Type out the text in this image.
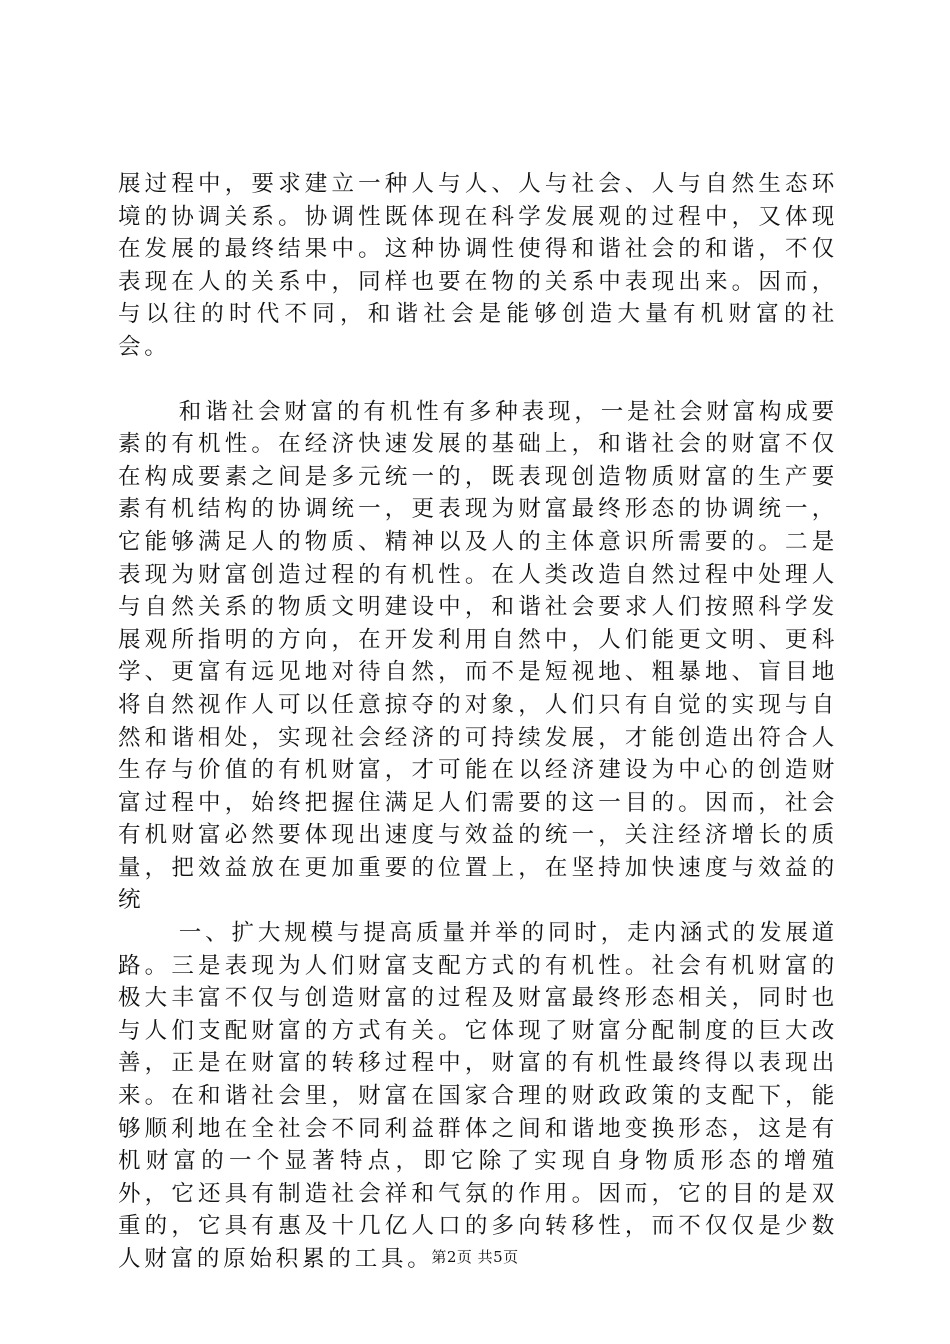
展过程中，要求建立一种人与人、人与社会、人与自然生态环境的协调关系。协调性既体现在科学发展观的过程中，又体现在发展的最终结果中。这种协调性使得和谐社会的和谐，不仅表现在人的关系中，同样也要在物的关系中表现出来。因而，与以往的时代不同，和谐社会是能够创造大量有机财富的社会。

和谐社会财富的有机性有多种表现，一是社会财富构成要素的有机性。在经济快速发展的基础上，和谐社会的财富不仅在构成要素之间是多元统一的，既表现创造物质财富的生产要素有机结构的协调统一，更表现为财富最终形态的协调统一，它能够满足人的物质、精神以及人的主体意识所需要的。二是表现为财富创造过程的有机性。在人类改造自然过程中处理人与自然关系的物质文明建设中，和谐社会要求人们按照科学发展观所指明的方向，在开发利用自然中，人们能更文明、更科学、更富有远见地对待自然，而不是短视地、粗暴地、盲目地将自然视作人可以任意掠夺的对象，人们只有自觉的实现与自然和谐相处，实现社会经济的可持续发展，才能创造出符合人生存与价值的有机财富，才可能在以经济建设为中心的创造财富过程中，始终把握住满足人们需要的这一目的。因而，社会有机财富必然要体现出速度与效益的统一，关注经济增长的质量，把效益放在更加重要的位置上，在坚持加快速度与效益的统

一、扩大规模与提高质量并举的同时，走内涵式的发展道路。三是表现为人们财富支配方式的有机性。社会有机财富的极大丰富不仅与创造财富的过程及财富最终形态相关，同时也与人们支配财富的方式有关。它体现了财富分配制度的巨大改善，正是在财富的转移过程中，财富的有机性最终得以表现出来。在和谐社会里，财富在国家合理的财政政策的支配下，能够顺利地在全社会不同利益群体之间和谐地变换形态，这是有机财富的一个显著特点，即它除了实现自身物质形态的增殖外，它还具有制造社会祥和气氛的作用。因而，它的目的是双重的，它具有惠及十几亿人口的多向转移性，而不仅仅是少数人财富的原始积累的工具。

第2页 共5页
